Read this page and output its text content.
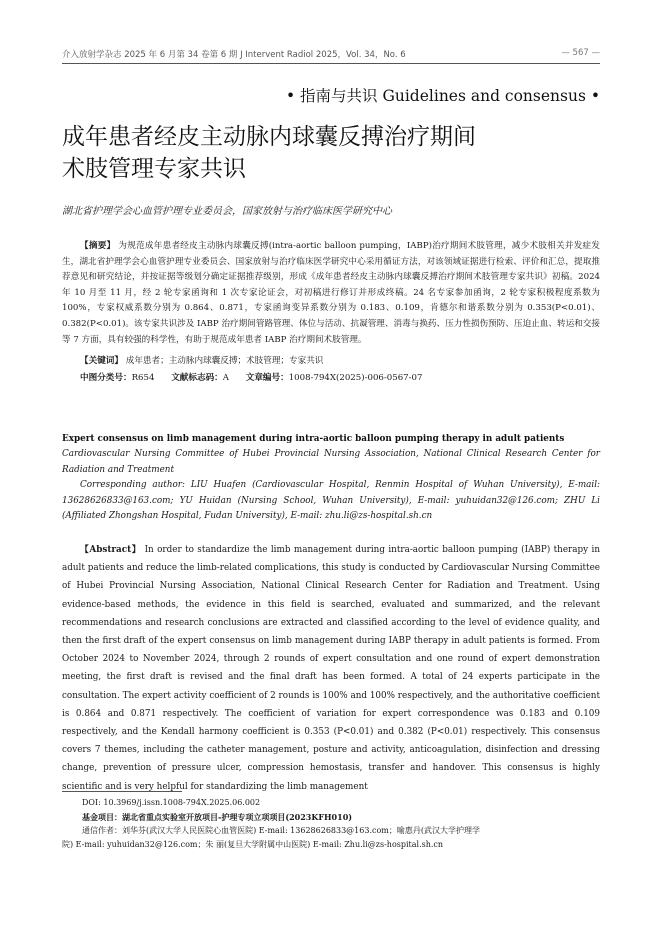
介入放射学杂志 2025 年 6 月第 34 卷第 6 期 J Intervent Radiol 2025，Vol. 34，No. 6	— 567 —
• 指南与共识 Guidelines and consensus •
成年患者经皮主动脉内球囊反搏治疗期间
术肢管理专家共识
湖北省护理学会心血管护理专业委员会，国家放射与治疗临床医学研究中心
【摘要】 为规范成年患者经皮主动脉内球囊反搏(intra-aortic balloon pumping，IABP)治疗期间术肢管理，减少术肢相关并发症发生，湖北省护理学会心血管护理专业委员会、国家放射与治疗临床医学研究中心采用循证方法，对该领域证据进行检索、评价和汇总，提取推荐意见和研究结论，并按证据等级划分确定证据推荐级别，形成《成年患者经皮主动脉内球囊反搏治疗期间术肢管理专家共识》初稿。2024 年 10 月至 11 月，经 2 轮专家函询和 1 次专家论证会，对初稿进行修订并形成终稿。24 名专家参加函询，2 轮专家积极程度系数为 100%，专家权威系数分别为 0.864、0.871，专家函询变异系数分别为 0.183、0.109，肯德尔和谐系数分别为 0.353(P<0.01)、0.382(P<0.01)。该专家共识涉及 IABP 治疗期间管路管理、体位与活动、抗凝管理、消毒与换药、压力性损伤预防、压迫止血、转运和交接等 7 方面，具有较强的科学性，有助于规范成年患者 IABP 治疗期间术肢管理。
【关键词】 成年患者；主动脉内球囊反搏；术肢管理；专家共识
中图分类号：R654 文献标志码：A 文章编号：1008-794X(2025)-006-0567-07
Expert consensus on limb management during intra-aortic balloon pumping therapy in adult patients
Cardiovascular Nursing Committee of Hubei Provincial Nursing Association, National Clinical Research Center for Radiation and Treatment
Corresponding author: LIU Huafen (Cardiovascular Hospital, Renmin Hospital of Wuhan University), E-mail: 13628626833@163.com; YU Huidan (Nursing School, Wuhan University), E-mail: yuhuidan32@126.com; ZHU Li (Affiliated Zhongshan Hospital, Fudan University), E-mail: zhu.li@zs-hospital.sh.cn
【Abstract】 In order to standardize the limb management during intra-aortic balloon pumping (IABP) therapy in adult patients and reduce the limb-related complications, this study is conducted by Cardiovascular Nursing Committee of Hubei Provincial Nursing Association, National Clinical Research Center for Radiation and Treatment. Using evidence-based methods, the evidence in this field is searched, evaluated and summarized, and the relevant recommendations and research conclusions are extracted and classified according to the level of evidence quality, and then the first draft of the expert consensus on limb management during IABP therapy in adult patients is formed. From October 2024 to November 2024, through 2 rounds of expert consultation and one round of expert demonstration meeting, the first draft is revised and the final draft has been formed. A total of 24 experts participate in the consultation. The expert activity coefficient of 2 rounds is 100% and 100% respectively, and the authoritative coefficient is 0.864 and 0.871 respectively. The coefficient of variation for expert correspondence was 0.183 and 0.109 respectively, and the Kendall harmony coefficient is 0.353 (P<0.01) and 0.382 (P<0.01) respectively. This consensus covers 7 themes, including the catheter management, posture and activity, anticoagulation, disinfection and dressing change, prevention of pressure ulcer, compression hemostasis, transfer and handover. This consensus is highly scientific and is very helpful for standardizing the limb management

DOI: 10.3969/j.issn.1008-794X.2025.06.002

基金项目：湖北省重点实验室开放项目-护理专项立项项目(2023KFH010)

通信作者：刘华芬(武汉大学人民医院心血管医院) E-mail: 13628626833@163.com；喻惠丹(武汉大学护理学

院) E-mail: yuhuidan32@126.com；朱 丽(复旦大学附属中山医院) E-mail: Zhu.li@zs-hospital.sh.cn
